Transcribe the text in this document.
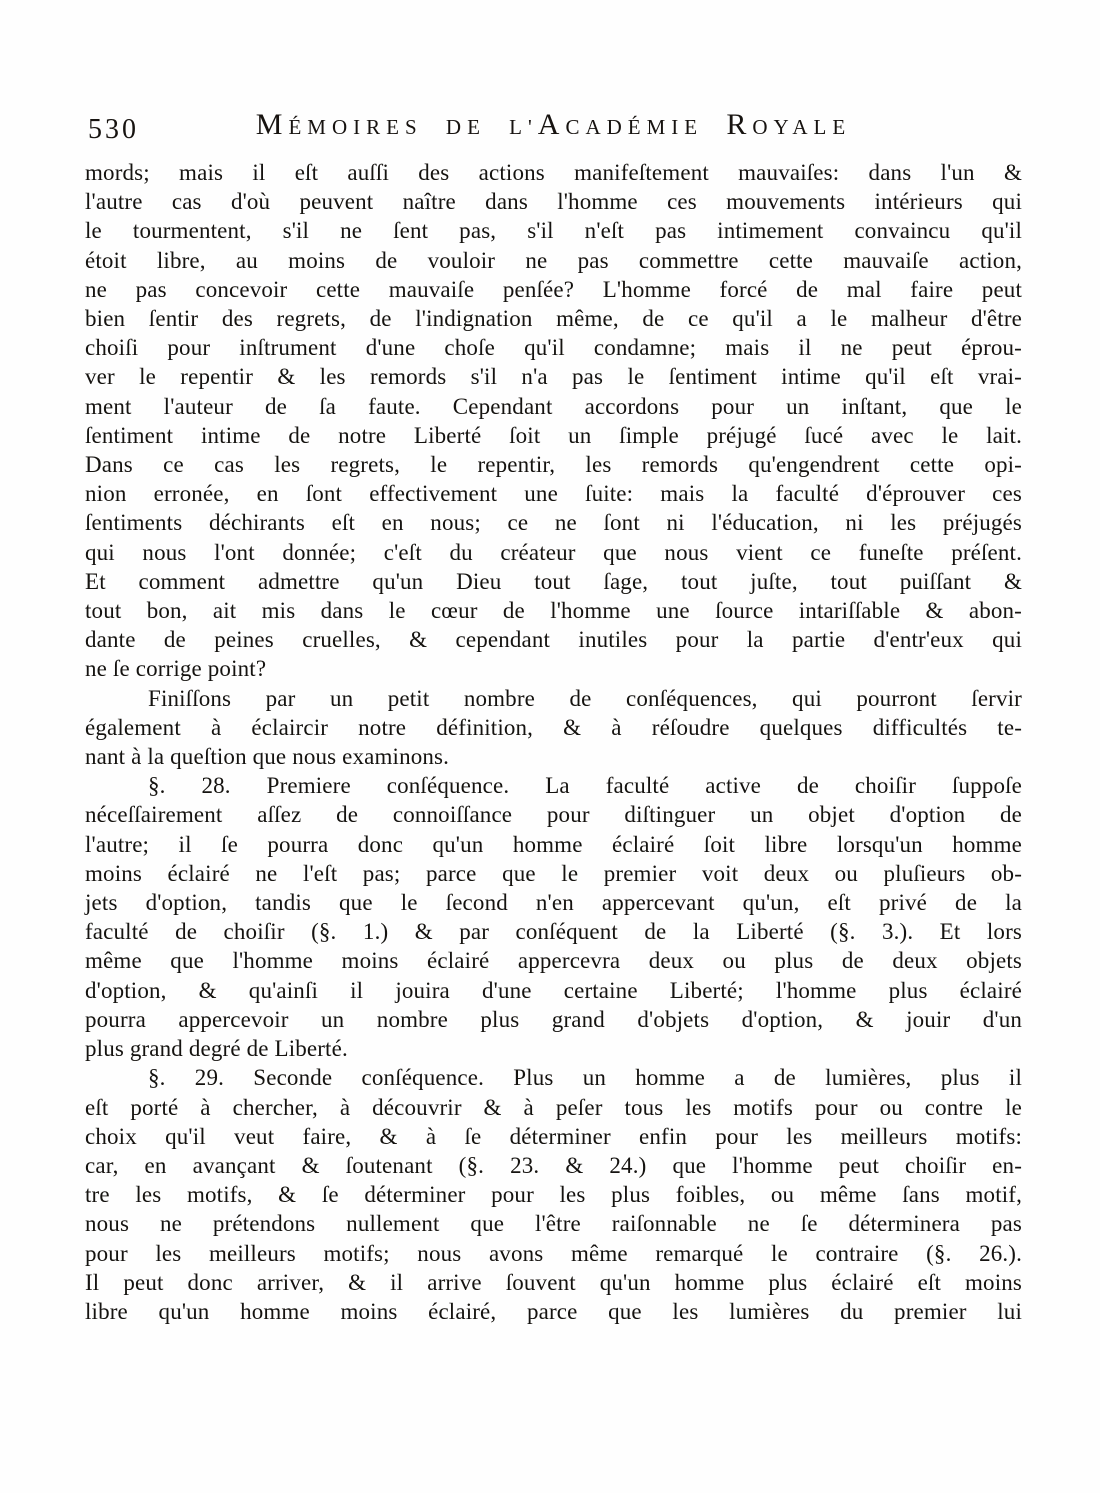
530	MÉMOIRES DE L'ACADÉMIE ROYALE
mords; mais il eſt auſſi des actions manifeſtement mauvaiſes: dans l'un &
l'autre cas d'où peuvent naître dans l'homme ces mouvements intérieurs qui
le tourmentent, s'il ne ſent pas, s'il n'eſt pas intimement convaincu qu'il
étoit libre, au moins de vouloir ne pas commettre cette mauvaiſe action,
ne pas concevoir cette mauvaiſe penſée? L'homme forcé de mal faire peut
bien ſentir des regrets, de l'indignation même, de ce qu'il a le malheur d'être
choiſi pour inſtrument d'une choſe qu'il condamne; mais il ne peut éprou-
ver le repentir & les remords s'il n'a pas le ſentiment intime qu'il eſt vrai-
ment l'auteur de ſa faute. Cependant accordons pour un inſtant, que le
ſentiment intime de notre Liberté ſoit un ſimple préjugé ſucé avec le lait.
Dans ce cas les regrets, le repentir, les remords qu'engendrent cette opi-
nion erronée, en ſont effectivement une ſuite: mais la faculté d'éprouver ces
ſentiments déchirants eſt en nous; ce ne ſont ni l'éducation, ni les préjugés
qui nous l'ont donnée; c'eſt du créateur que nous vient ce funeſte préſent.
Et comment admettre qu'un Dieu tout ſage, tout juſte, tout puiſſant &
tout bon, ait mis dans le cœur de l'homme une ſource intariſſable & abon-
dante de peines cruelles, & cependant inutiles pour la partie d'entr'eux qui
ne ſe corrige point?
Finiſſons par un petit nombre de conſéquences, qui pourront ſervir
également à éclaircir notre définition, & à réſoudre quelques difficultés te-
nant à la queſtion que nous examinons.
§. 28. Premiere conſéquence. La faculté active de choiſir ſuppoſe
néceſſairement aſſez de connoiſſance pour diſtinguer un objet d'option de
l'autre; il ſe pourra donc qu'un homme éclairé ſoit libre lorsqu'un homme
moins éclairé ne l'eſt pas; parce que le premier voit deux ou pluſieurs ob-
jets d'option, tandis que le ſecond n'en appercevant qu'un, eſt privé de la
faculté de choiſir (§. 1.) & par conſéquent de la Liberté (§. 3.). Et lors
même que l'homme moins éclairé appercevra deux ou plus de deux objets
d'option, & qu'ainſi il jouira d'une certaine Liberté; l'homme plus éclairé
pourra appercevoir un nombre plus grand d'objets d'option, & jouir d'un
plus grand degré de Liberté.
§. 29. Seconde conſéquence. Plus un homme a de lumières, plus il
eſt porté à chercher, à découvrir & à peſer tous les motifs pour ou contre le
choix qu'il veut faire, & à ſe déterminer enfin pour les meilleurs motifs:
car, en avançant & ſoutenant (§. 23. & 24.) que l'homme peut choiſir en-
tre les motifs, & ſe déterminer pour les plus foibles, ou même ſans motif,
nous ne prétendons nullement que l'être raiſonnable ne ſe déterminera pas
pour les meilleurs motifs; nous avons même remarqué le contraire (§. 26.).
Il peut donc arriver, & il arrive ſouvent qu'un homme plus éclairé eſt moins
libre qu'un homme moins éclairé, parce que les lumières du premier lui
